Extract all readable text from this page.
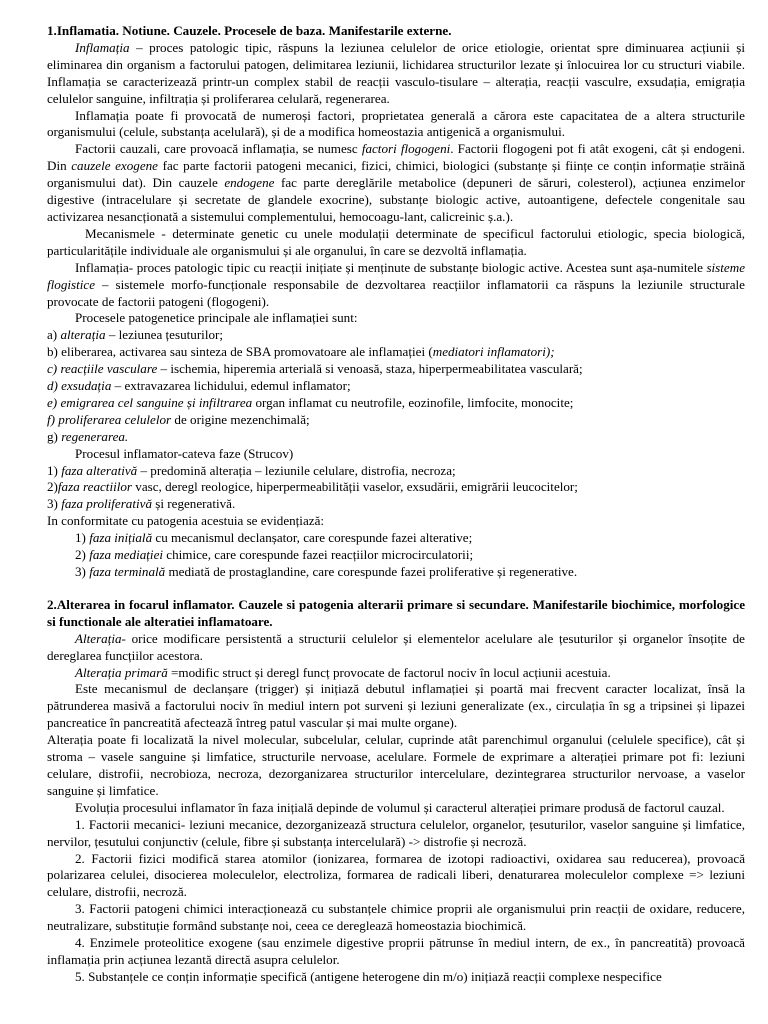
1.Inflamatia. Notiune. Cauzele. Procesele de baza. Manifestarile externe.

Inflamația – proces patologic tipic, răspuns la leziunea celulelor de orice etiologie, orientat spre diminuarea acțiunii și eliminarea din organism a factorului patogen, delimitarea leziunii, lichidarea structurilor lezate și înlocuirea lor cu structuri viabile. Inflamația se caracterizează printr-un complex stabil de reacții vasculo-tisulare – alterația, reacții vasculre, exsudația, emigrația celulelor sanguine, infiltrația și proliferarea celulară, regenerarea.

Inflamația poate fi provocată de numeroși factori, proprietatea generală a cărora este capacitatea de a altera structurile organismului (celule, substanța acelulară), și de a modifica homeostazia antigenică a organismului.

Factorii cauzali, care provoacă inflamația, se numesc factori flogogeni. Factorii flogogeni pot fi atât exogeni, cât și endogeni. Din cauzele exogene fac parte factorii patogeni mecanici, fizici, chimici, biologici (substanțe și ființe ce conțin informație străină organismului dat). Din cauzele endogene fac parte dereglările metabolice (depuneri de săruri, colesterol), acțiunea enzimelor digestive (intracelulare și secretate de glandele exocrine), substanțe biologic active, autoantigene, defectele congenitale sau activizarea nesancționată a sistemului complementului, hemocoagu-lant, calicreinic ș.a.).

Mecanismele - determinate genetic cu unele modulații determinate de specificul factorului etiologic, specia biologică, particularitățile individuale ale organismului și ale organului, în care se dezvoltă inflamația.

Inflamația- proces patologic tipic cu reacții inițiate și menținute de substanțe biologic active. Acestea sunt așa-numitele sisteme flogistice – sistemele morfo-funcționale responsabile de dezvoltarea reacțiilor inflamatorii ca răspuns la leziunile structurale provocate de factorii patogeni (flogogeni).

Procesele patogenetice principale ale inflamației sunt:

a) alterația – leziunea țesuturilor;

b) eliberarea, activarea sau sinteza de SBA promovatoare ale inflamației (mediatori inflamatori);

c) reacțiile vasculare – ischemia, hiperemia arterială si venoasă, staza, hiperpermeabilitatea vasculară;

d) exsudația – extravazarea lichidului, edemul inflamator;

e) emigrarea cel sanguine și infiltrarea organ inflamat cu neutrofile, eozinofile, limfocite, monocite;

f) proliferarea celulelor de origine mezenchimală;

g) regenerarea.

Procesul inflamator-cateva faze (Strucov)

1) faza alterativă – predomină alterația – leziunile celulare, distrofia, necroza;

2)faza reactiilor vasc, deregl reologice, hiperpermeabilității vaselor, exsudării, emigrării leucocitelor;

3) faza proliferativă și regenerativă.

In conformitate cu patogenia acestuia se evidențiază:

1) faza inițială cu mecanismul declanșator, care corespunde fazei alterative;

2) faza mediației chimice, care corespunde fazei reacțiilor microcirculatorii;

3) faza terminală mediată de prostaglandine, care corespunde fazei proliferative și regenerative.

2.Alterarea in focarul inflamator. Cauzele si patogenia alterarii primare si secundare. Manifestarile biochimice, morfologice si functionale ale alteratiei inflamatoare.

Alterația- orice modificare persistentă a structurii celulelor și elementelor acelulare ale țesuturilor și organelor însoțite de dereglarea funcțiilor acestora.

Alterația primară =modific struct și deregl funcț provocate de factorul nociv în locul acțiunii acestuia.

Este mecanismul de declanșare (trigger) și inițiază debutul inflamației și poartă mai frecvent caracter localizat, însă la pătrunderea masivă a factorului nociv în mediul intern pot surveni și leziuni generalizate (ex., circulația în sg a tripsinei și lipazei pancreatice în pancreatită afectează întreg patul vascular și mai multe organe).

Alterația poate fi localizată la nivel molecular, subcelular, celular, cuprinde atât parenchimul organului (celulele specifice), cât și stroma – vasele sanguine și limfatice, structurile nervoase, acelulare. Formele de exprimare a alterației primare pot fi: leziuni celulare, distrofii, necrobioza, necroza, dezorganizarea structurilor intercelulare, dezintegrarea structurilor nervoase, a vaselor sanguine și limfatice.

Evoluția procesului inflamator în faza inițială depinde de volumul și caracterul alterației primare produsă de factorul cauzal.

1. Factorii mecanici- leziuni mecanice, dezorganizează structura celulelor, organelor, țesuturilor, vaselor sanguine și limfatice, nervilor, țesutului conjunctiv (celule, fibre și substanța intercelulară) -> distrofie și necroză.

2. Factorii fizici modifică starea atomilor (ionizarea, formarea de izotopi radioactivi, oxidarea sau reducerea), provoacă polarizarea celulei, disocierea moleculelor, electroliza, formarea de radicali liberi, denaturarea moleculelor complexe => leziuni celulare, distrofii, necroză.

3. Factorii patogeni chimici interacționează cu substanțele chimice proprii ale organismului prin reacții de oxidare, reducere, neutralizare, substituție formând substanțe noi, ceea ce deregleazā homeostazia biochimică.

4. Enzimele proteolitice exogene (sau enzimele digestive proprii pătrunse în mediul intern, de ex., în pancreatită) provoacă inflamația prin acțiunea lezantă directă asupra celulelor.

5. Substanțele ce conțin informație specifică (antigene heterogene din m/o) inițiază reacții complexe nespecifice
